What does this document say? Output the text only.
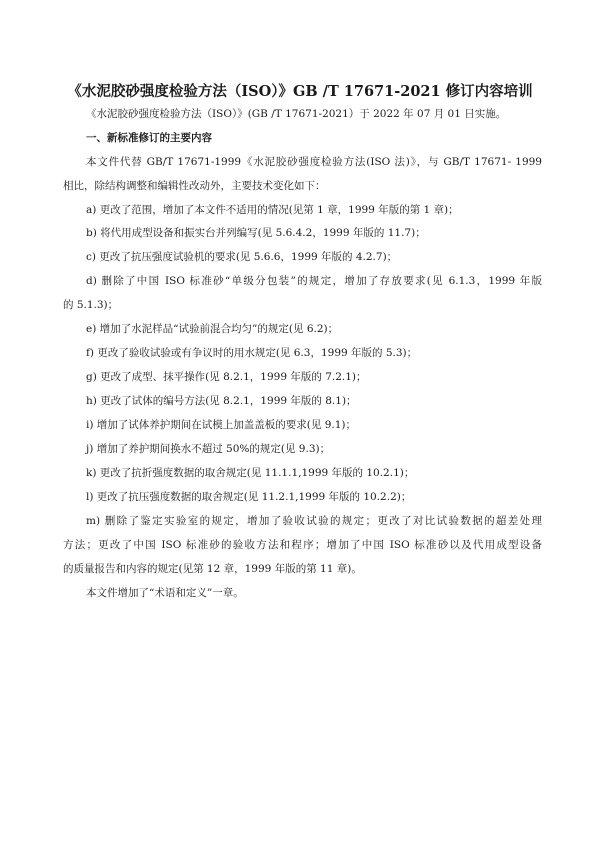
《水泥胶砂强度检验方法（ISO）》GB /T 17671-2021 修订内容培训

《水泥胶砂强度检验方法（ISO）》(GB /T 17671-2021）于 2022 年 07 月 01 日实施。

一、新标准修订的主要内容

本文件代替 GB/T 17671-1999《水泥胶砂强度检验方法(ISO 法)》，与 GB/T 17671- 1999

相比，除结构调整和编辑性改动外，主要技术变化如下：

a) 更改了范围，增加了本文件不适用的情况(见第 1 章，1999 年版的第 1 章)；

b) 将代用成型设备和振实台并列编写(见 5.6.4.2，1999 年版的 11.7)；

c) 更改了抗压强度试验机的要求(见 5.6.6，1999 年版的 4.2.7)；

d) 删除了中国 ISO 标准砂“单级分包装”的规定，增加了存放要求(见 6.1.3，1999 年版

的 5.1.3)；

e) 增加了水泥样品“试验前混合均匀”的规定(见 6.2)；

f) 更改了验收试验或有争议时的用水规定(见 6.3，1999 年版的 5.3)；

g) 更改了成型、抹平操作(见 8.2.1，1999 年版的 7.2.1)；

h) 更改了试体的编号方法(见 8.2.1，1999 年版的 8.1)；

i) 增加了试体养护期间在试模上加盖盖板的要求(见 9.1)；

j) 增加了养护期间换水不超过 50%的规定(见 9.3)；

k) 更改了抗折强度数据的取舍规定(见 11.1.1,1999 年版的 10.2.1)；

l) 更改了抗压强度数据的取舍规定(见 11.2.1,1999 年版的 10.2.2)；

m) 删除了鉴定实验室的规定，增加了验收试验的规定；更改了对比试验数据的超差处理

方法；更改了中国 ISO 标准砂的验收方法和程序；增加了中国 ISO 标准砂以及代用成型设备

的质量报告和内容的规定(见第 12 章，1999 年版的第 11 章)。

本文件增加了“术语和定义”一章。
